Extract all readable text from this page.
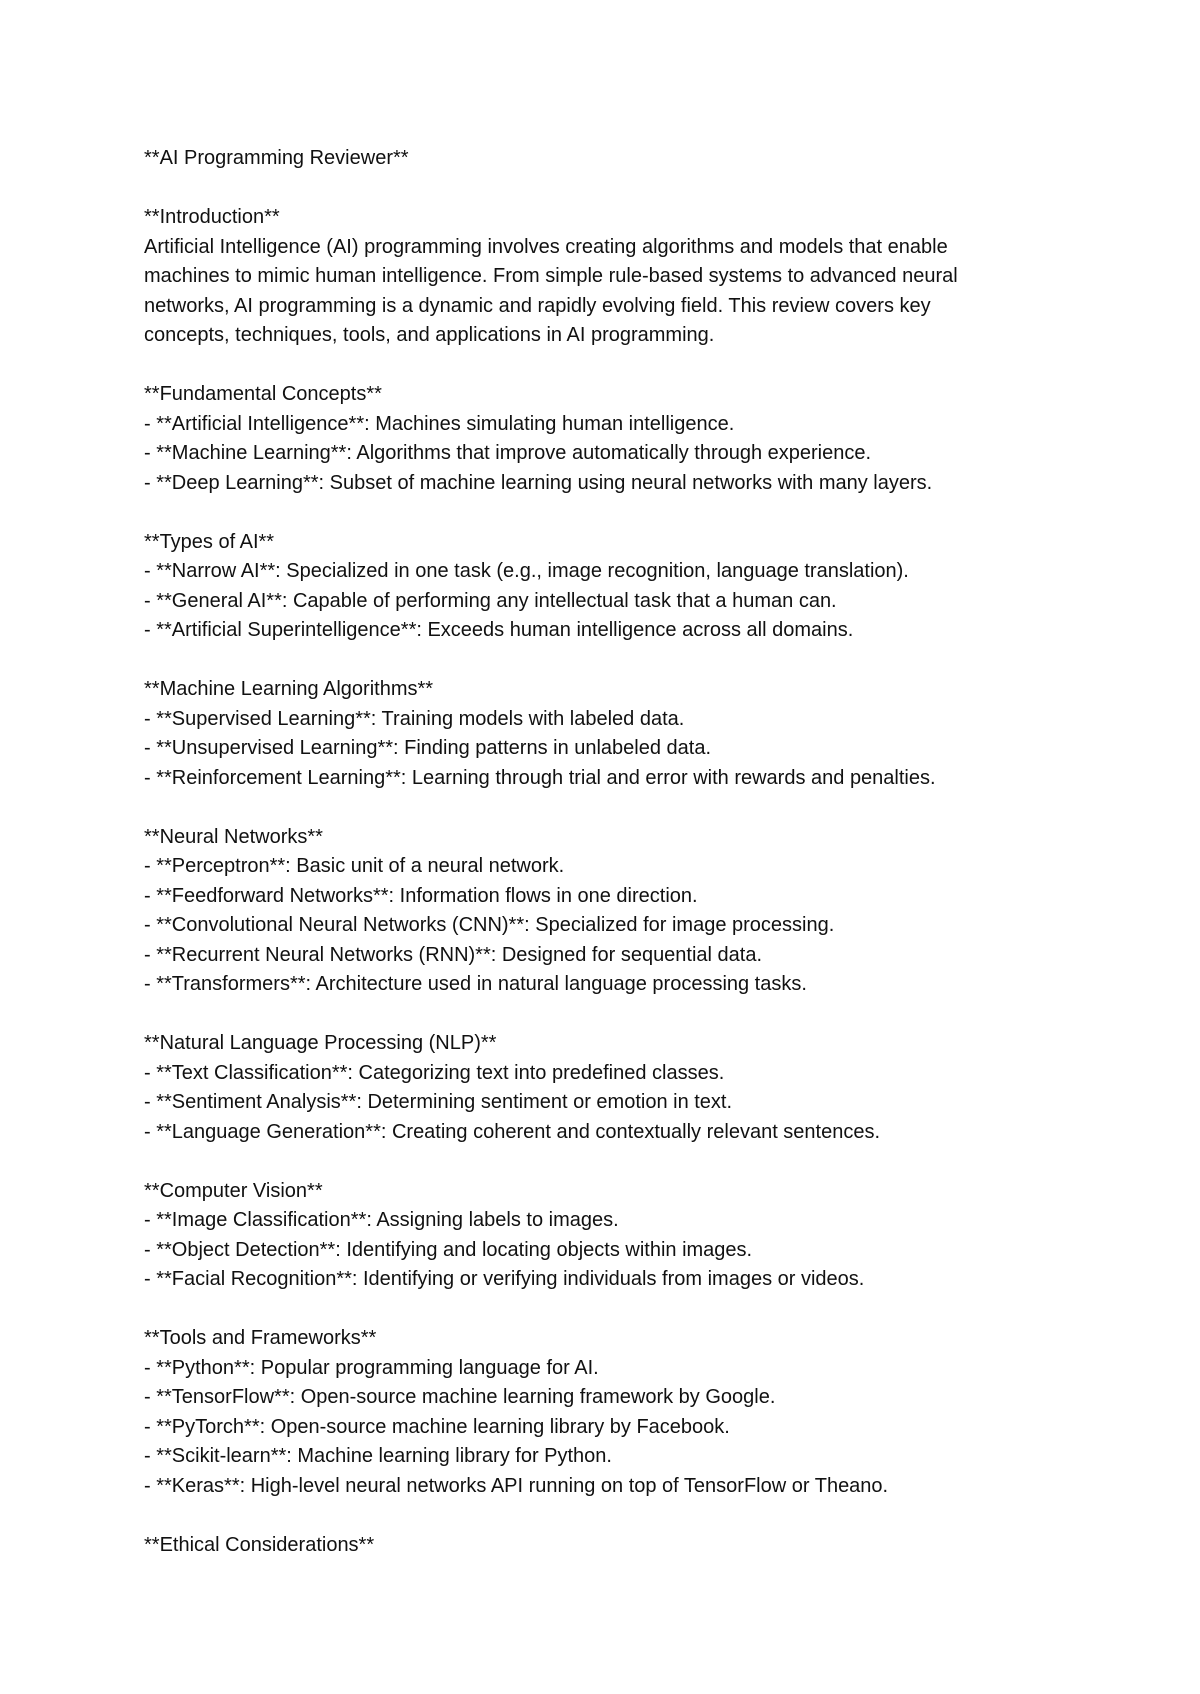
**AI Programming Reviewer**
**Introduction**
Artificial Intelligence (AI) programming involves creating algorithms and models that enable
machines to mimic human intelligence. From simple rule-based systems to advanced neural
networks, AI programming is a dynamic and rapidly evolving field. This review covers key
concepts, techniques, tools, and applications in AI programming.
**Fundamental Concepts**
- **Artificial Intelligence**: Machines simulating human intelligence.
- **Machine Learning**: Algorithms that improve automatically through experience.
- **Deep Learning**: Subset of machine learning using neural networks with many layers.
**Types of AI**
- **Narrow AI**: Specialized in one task (e.g., image recognition, language translation).
- **General AI**: Capable of performing any intellectual task that a human can.
- **Artificial Superintelligence**: Exceeds human intelligence across all domains.
**Machine Learning Algorithms**
- **Supervised Learning**: Training models with labeled data.
- **Unsupervised Learning**: Finding patterns in unlabeled data.
- **Reinforcement Learning**: Learning through trial and error with rewards and penalties.
**Neural Networks**
- **Perceptron**: Basic unit of a neural network.
- **Feedforward Networks**: Information flows in one direction.
- **Convolutional Neural Networks (CNN)**: Specialized for image processing.
- **Recurrent Neural Networks (RNN)**: Designed for sequential data.
- **Transformers**: Architecture used in natural language processing tasks.
**Natural Language Processing (NLP)**
- **Text Classification**: Categorizing text into predefined classes.
- **Sentiment Analysis**: Determining sentiment or emotion in text.
- **Language Generation**: Creating coherent and contextually relevant sentences.
**Computer Vision**
- **Image Classification**: Assigning labels to images.
- **Object Detection**: Identifying and locating objects within images.
- **Facial Recognition**: Identifying or verifying individuals from images or videos.
**Tools and Frameworks**
- **Python**: Popular programming language for AI.
- **TensorFlow**: Open-source machine learning framework by Google.
- **PyTorch**: Open-source machine learning library by Facebook.
- **Scikit-learn**: Machine learning library for Python.
- **Keras**: High-level neural networks API running on top of TensorFlow or Theano.
**Ethical Considerations**
